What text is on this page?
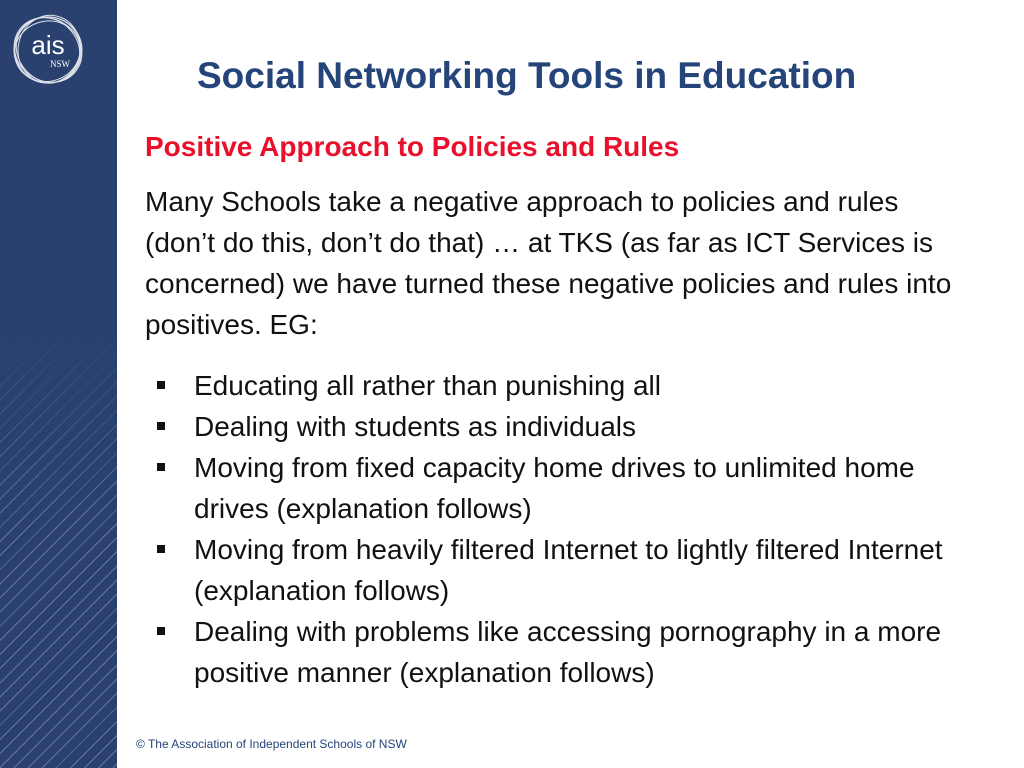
ais
NSW	Social Networking Tools in Education
Positive Approach to Policies and Rules

Many Schools take a negative approach to policies and rules (don’t do this, don’t do that) … at TKS (as far as ICT Services is concerned) we have turned these negative policies and rules into positives. EG:

Educating all rather than punishing all
Dealing with students as individuals
Moving from fixed capacity home drives to unlimited home drives (explanation follows)
Moving from heavily filtered Internet to lightly filtered Internet (explanation follows)
Dealing with problems like accessing pornography in a more positive manner (explanation follows)

© The Association of Independent Schools of NSW
